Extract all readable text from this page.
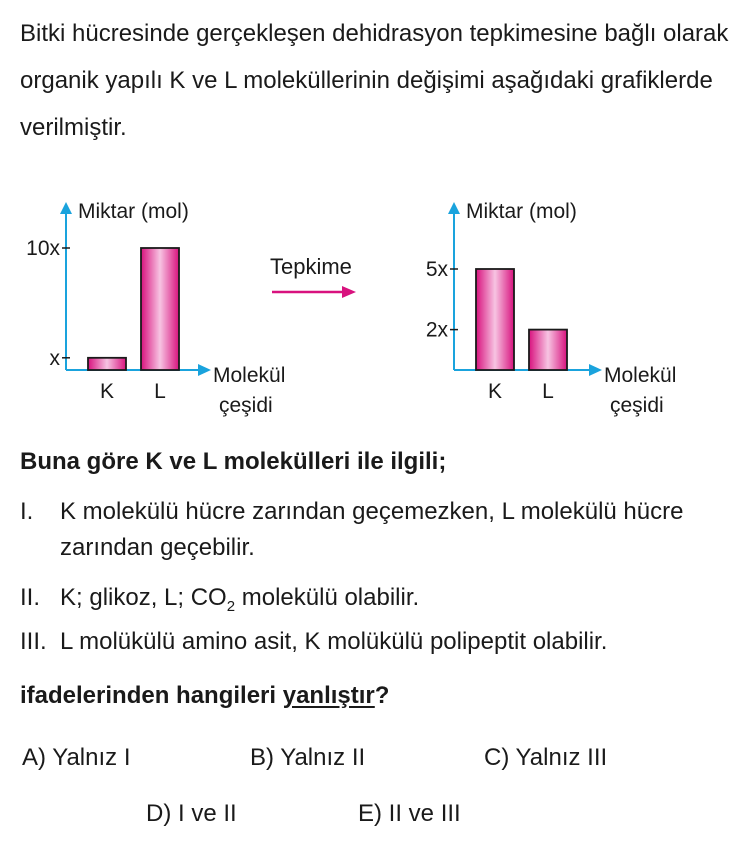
Bitki hücresinde gerçekleşen dehidrasyon tepkimesine bağlı olarak organik yapılı K ve L moleküllerinin değişimi aşağıdaki grafiklerde verilmiştir.

Miktar (mol)
Molekül
çeşidi
x
10x
K L
Tepkime
Miktar (mol)
Molekül
çeşidi
5x
2x
K L
Buna göre K ve L molekülleri ile ilgili;
I. K molekülü hücre zarından geçemezken, L molekülü hücre zarından geçebilir.
II. K; glikoz, L; $CO_2$ molekülü olabilir.
III. L molükülü amino asit, K molükülü polipeptit olabilir.
ifadelerinden hangileri yanlıştır?
A) Yalnız I	B) Yalnız II	C) Yalnız III
D) I ve II	E) II ve III
